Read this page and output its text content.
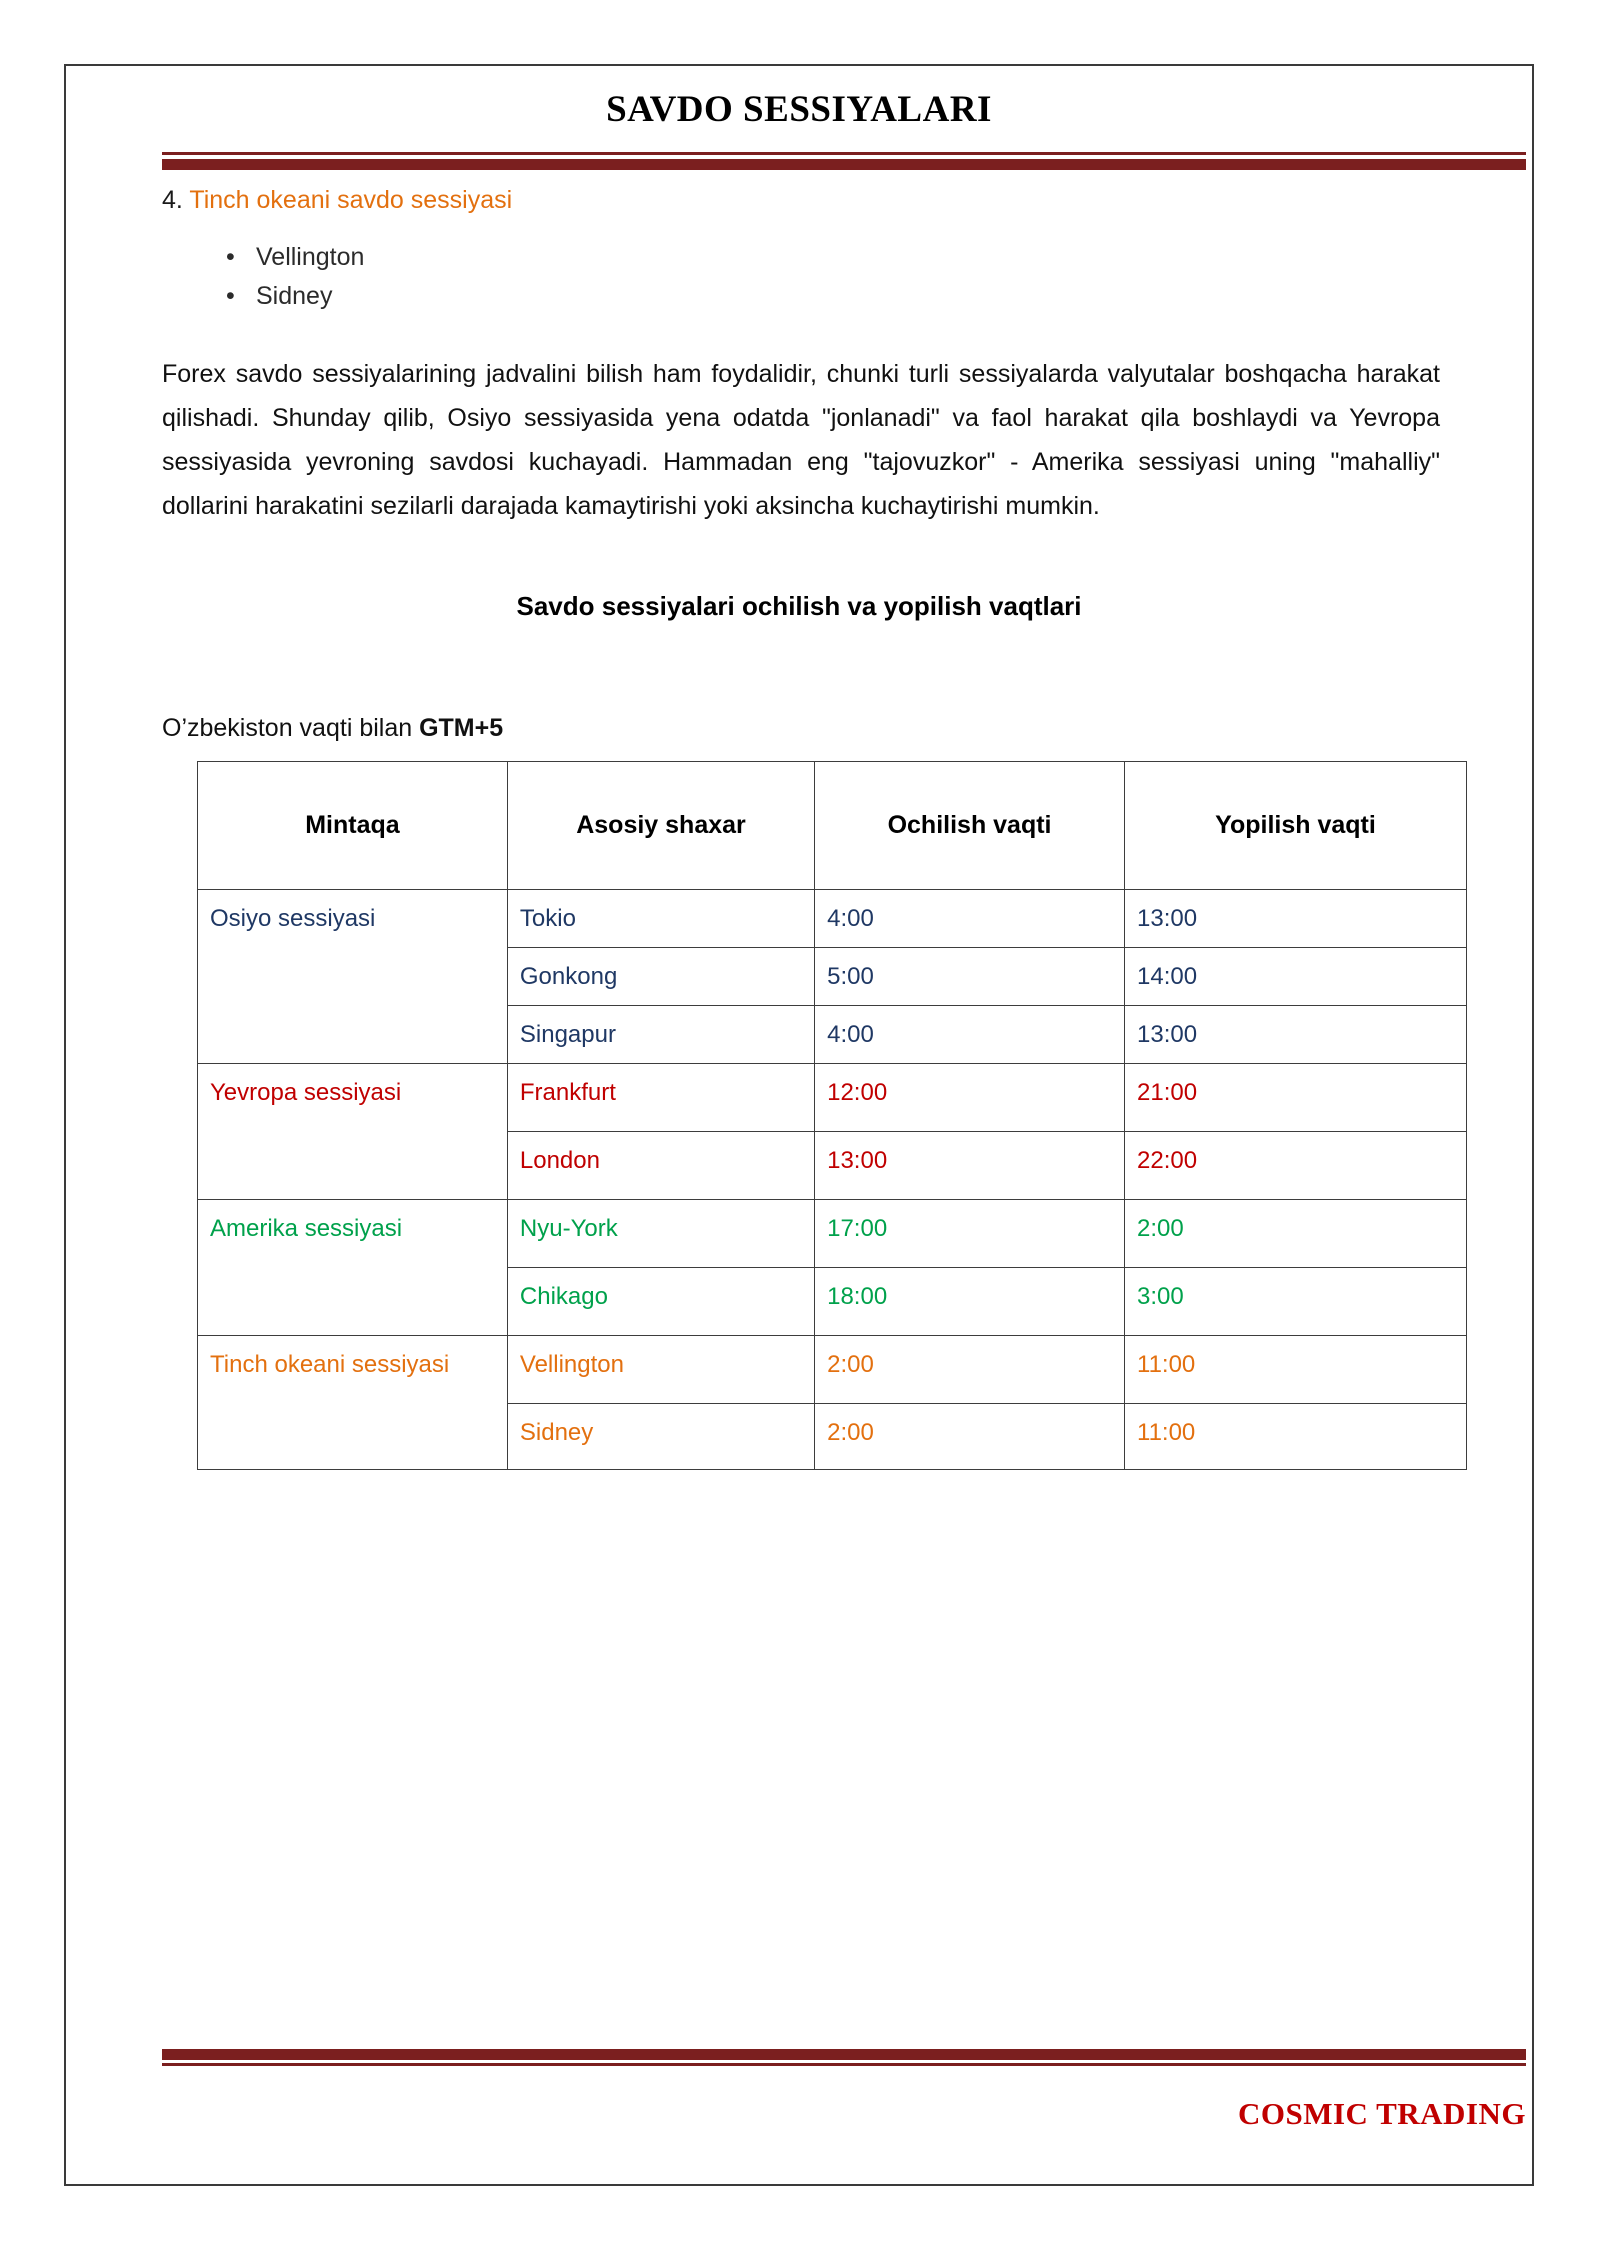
SAVDO SESSIYALARI
4. Tinch okeani savdo sessiyasi
• Vellington
• Sidney
Forex savdo sessiyalarining jadvalini bilish ham foydalidir, chunki turli sessiyalarda valyutalar boshqacha harakat qilishadi. Shunday qilib, Osiyo sessiyasida yena odatda "jonlanadi" va faol harakat qila boshlaydi va Yevropa sessiyasida yevroning savdosi kuchayadi. Hammadan eng "tajovuzkor" - Amerika sessiyasi uning "mahalliy" dollarini harakatini sezilarli darajada kamaytirishi yoki aksincha kuchaytirishi mumkin.
Savdo sessiyalari ochilish va yopilish vaqtlari
O’zbekiston vaqti bilan GTM+5
Mintaqa	Asosiy shaxar	Ochilish vaqti	Yopilish vaqti
Osiyo sessiyasi	Tokio	4:00	13:00
	Gonkong	5:00	14:00
	Singapur	4:00	13:00
Yevropa sessiyasi	Frankfurt	12:00	21:00
	London	13:00	22:00
Amerika sessiyasi	Nyu-York	17:00	2:00
	Chikago	18:00	3:00
Tinch okeani sessiyasi	Vellington	2:00	11:00
	Sidney	2:00	11:00
COSMIC TRADING
